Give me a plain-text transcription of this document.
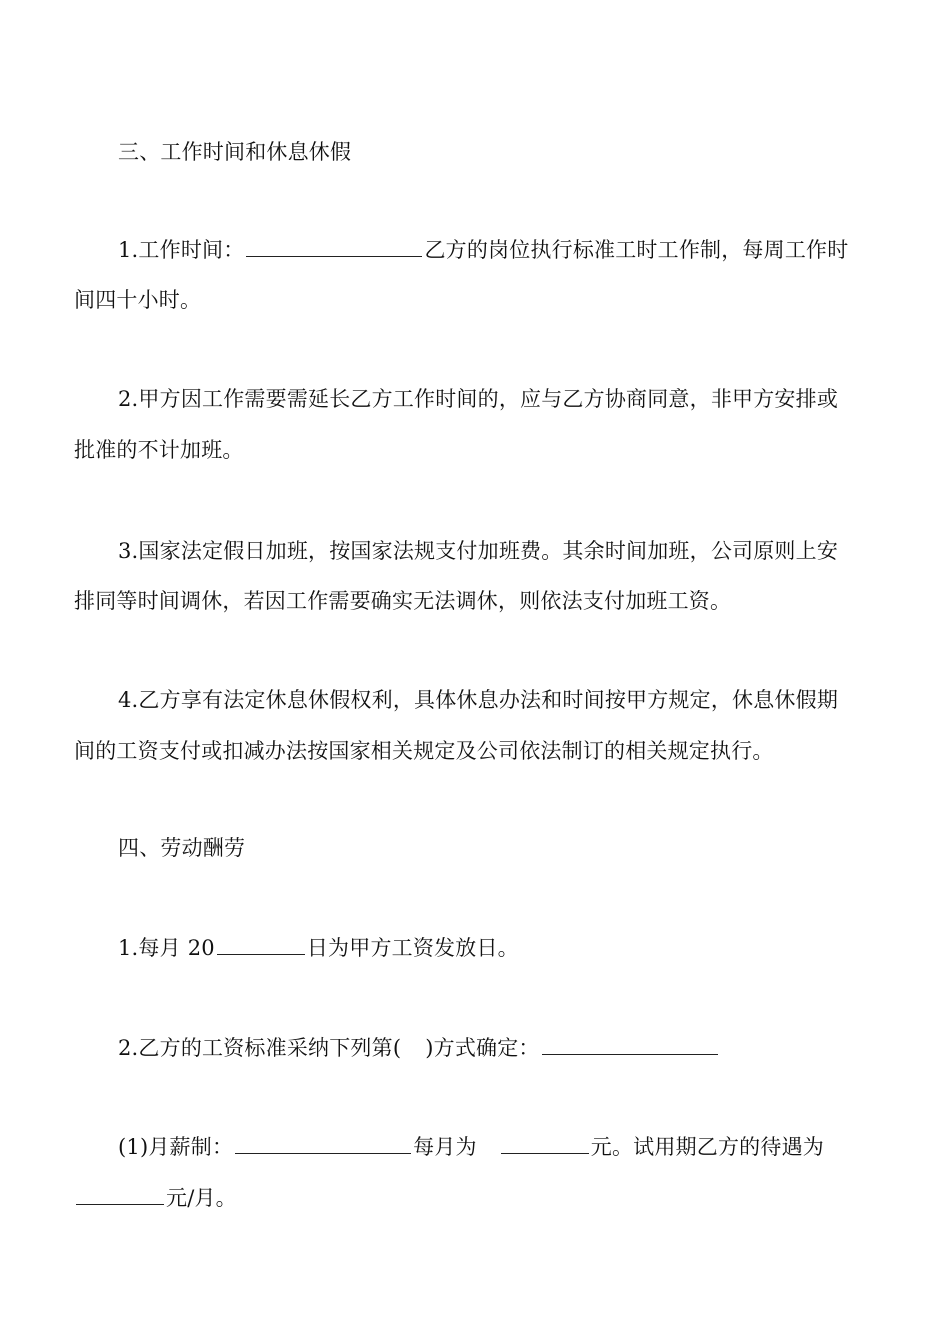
三、工作时间和休息休假
1.工作时间：	乙方的岗位执行标准工时工作制，每周工作时
间四十小时。
2.甲方因工作需要需延长乙方工作时间的，应与乙方协商同意，非甲方安排或
批准的不计加班。
3.国家法定假日加班，按国家法规支付加班费。其余时间加班，公司原则上安
排同等时间调休，若因工作需要确实无法调休，则依法支付加班工资。
4.乙方享有法定休息休假权利，具体休息办法和时间按甲方规定，休息休假期
间的工资支付或扣减办法按国家相关规定及公司依法制订的相关规定执行。
四、劳动酬劳
1.每月 20	日为甲方工资发放日。
2.乙方的工资标准采纳下列第( )方式确定：
(1)月薪制：	每月为	元。试用期乙方的待遇为
元/月。
